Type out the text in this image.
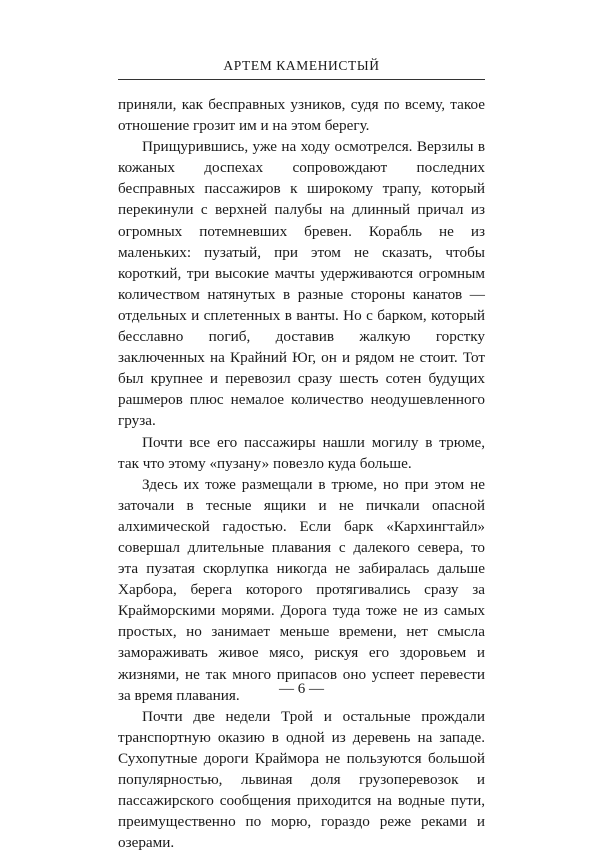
АРТЕМ КАМЕНИСТЫЙ

приняли, как бесправных узников, судя по всему, такое отношение грозит им и на этом берегу.

Прищурившись, уже на ходу осмотрелся. Верзилы в кожаных доспехах сопровождают последних бесправных пассажиров к широкому трапу, который перекинули с верхней палубы на длинный причал из огромных потемневших бревен. Корабль не из маленьких: пузатый, при этом не сказать, чтобы короткий, три высокие мачты удерживаются огромным количеством натянутых в разные стороны канатов — отдельных и сплетенных в ванты. Но с барком, который бесславно погиб, доставив жалкую горстку заключенных на Крайний Юг, он и рядом не стоит. Тот был крупнее и перевозил сразу шесть сотен будущих рашмеров плюс немалое количество неодушевленного груза.

Почти все его пассажиры нашли могилу в трюме, так что этому «пузану» повезло куда больше.

Здесь их тоже размещали в трюме, но при этом не заточали в тесные ящики и не пичкали опасной алхимической гадостью. Если барк «Кархингтайл» совершал длительные плавания с далекого севера, то эта пузатая скорлупка никогда не забиралась дальше Харбора, берега которого протягивались сразу за Краймoрскими морями. Дорога туда тоже не из самых простых, но занимает меньше времени, нет смысла замораживать живое мясо, рискуя его здоровьем и жизнями, не так много припасов оно успеет перевести за время плавания.

Почти две недели Трой и остальные прождали транспортную оказию в одной из деревень на западе. Сухопутные дороги Краймора не пользуются большой популярностью, львиная доля грузоперевозок и пассажирского сообщения приходится на водные пути, преимущественно по морю, гораздо реже реками и озерами.

— 6 —
